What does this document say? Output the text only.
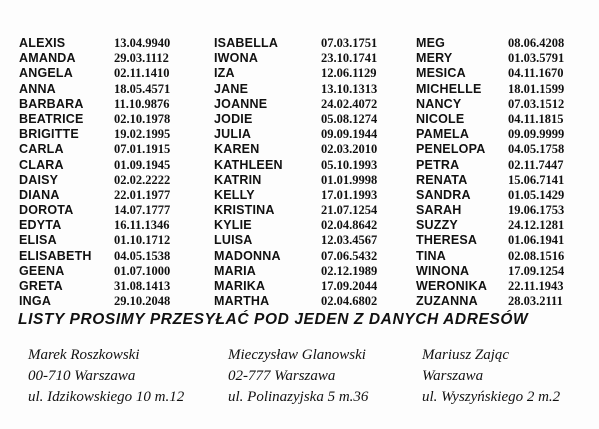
ALEXIS	13.04.9940
AMANDA	29.03.1112
ANGELA	02.11.1410
ANNA	18.05.4571
BARBARA 11.10.9876
BEATRICE 02.10.1978
BRIGITTE	19.02.1995
CARLA	07.01.1915
CLARA	01.09.1945
DAISY	02.02.2222
DIANA	22.01.1977
DOROTA	14.07.1777
EDYTA	16.11.1346
ELISA	01.10.1712
ELISABETH 04.05.1538
GEENA	01.07.1000
GRETA	31.08.1413
INGA	29.10.2048
ISABELLA	07.03.1751
IWONA	23.10.1741
IZA	12.06.1129
JANE	13.10.1313
JOANNE	24.02.4072
JODIE	05.08.1274
JULIA	09.09.1944
KAREN	02.03.2010
KATHLEEN	05.10.1993
KATRIN	01.01.9998
KELLY	17.01.1993
KRISTINA	21.07.1254
KYLIE	02.04.8642
LUISA	12.03.4567
MADONNA	07.06.5432
MARIA	02.12.1989
MARIKA	17.09.2044
MARTHA	02.04.6802
MEG	08.06.4208
MERY	01.03.5791
MESICA	04.11.1670
MICHELLE 18.01.1599
NANCY	07.03.1512
NICOLE	04.11.1815
PAMELA	09.09.9999
PENELOPA 04.05.1758
PETRA	02.11.7447
RENATA	15.06.7141
SANDRA	01.05.1429
SARAH	19.06.1753
SUZZY	24.12.1281
THERESA 01.06.1941
TINA	02.08.1516
WINONA	17.09.1254
WERONIKA 22.11.1943
ZUZANNA 28.03.2111
LISTY PROSIMY PRZESYŁAĆ POD JEDEN Z DANYCH ADRESÓW
Marek Roszkowski
00-710 Warszawa
ul. Idzikowskiego 10 m.12
Mieczysław Glanowski
02-777 Warszawa
ul. Polinazyjska 5 m.36
Mariusz Zając
Warszawa
ul. Wyszyńskiego 2 m.2
